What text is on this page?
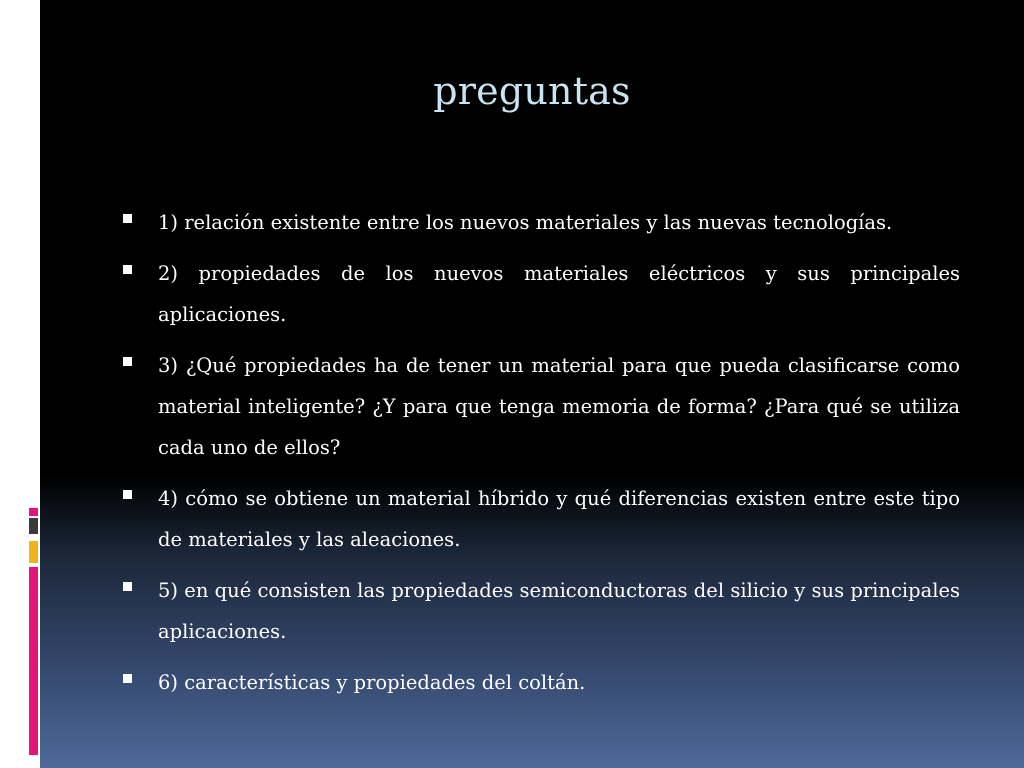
preguntas
1) relación existente entre los nuevos materiales y las nuevas tecnologías.
2) propiedades de los nuevos materiales eléctricos y sus principales aplicaciones.
3) ¿Qué propiedades ha de tener un material para que pueda clasificarse como material inteligente? ¿Y para que tenga memoria de forma? ¿Para qué se utiliza cada uno de ellos?
4) cómo se obtiene un material híbrido y qué diferencias existen entre este tipo de materiales y las aleaciones.
5) en qué consisten las propiedades semiconductoras del silicio y sus principales aplicaciones.
6) características y propiedades del coltán.
